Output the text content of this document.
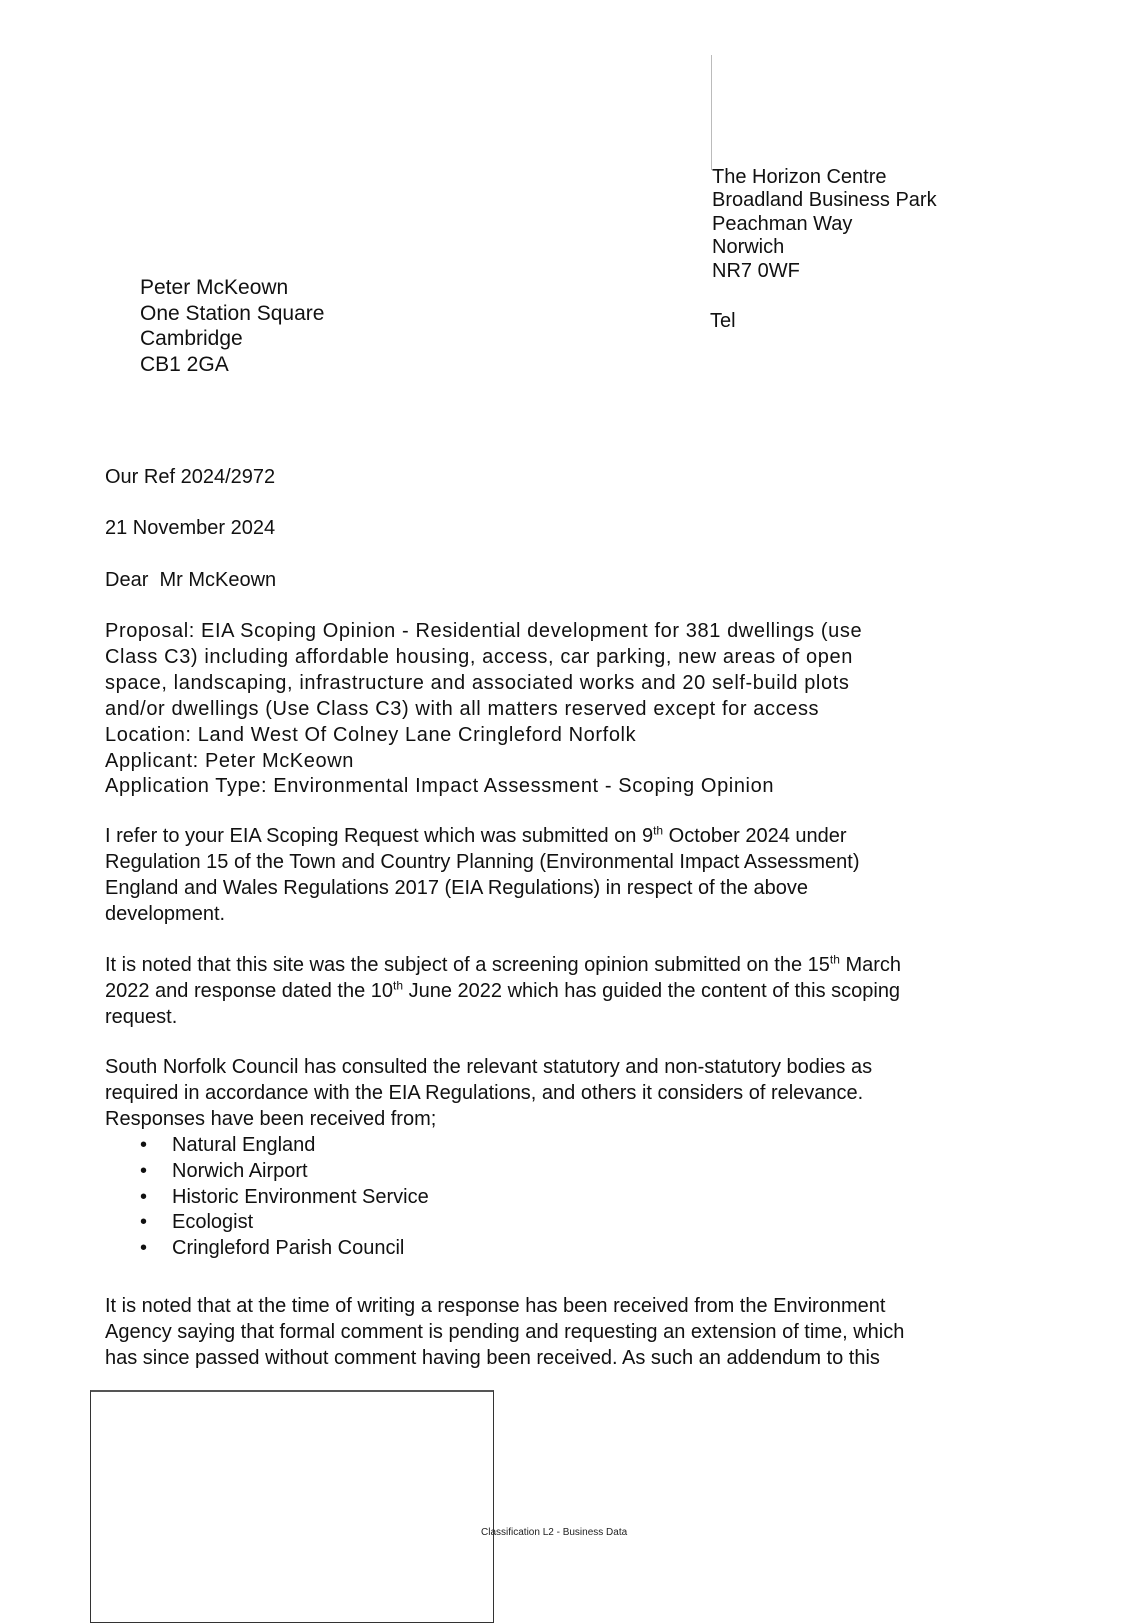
The Horizon Centre
Broadland Business Park
Peachman Way
Norwich
NR7 0WF
Tel
Peter McKeown
One Station Square
Cambridge
CB1 2GA
Our Ref 2024/2972
21 November 2024
Dear  Mr McKeown
Proposal: EIA Scoping Opinion - Residential development for 381 dwellings (use
Class C3) including affordable housing, access, car parking, new areas of open
space, landscaping, infrastructure and associated works and 20 self-build plots
and/or dwellings (Use Class C3) with all matters reserved except for access
Location: Land West Of Colney Lane Cringleford Norfolk
Applicant: Peter McKeown
Application Type: Environmental Impact Assessment - Scoping Opinion
I refer to your EIA Scoping Request which was submitted on 9th October 2024 under
Regulation 15 of the Town and Country Planning (Environmental Impact Assessment)
England and Wales Regulations 2017 (EIA Regulations) in respect of the above
development.
It is noted that this site was the subject of a screening opinion submitted on the 15th March
2022 and response dated the 10th June 2022 which has guided the content of this scoping
request.
South Norfolk Council has consulted the relevant statutory and non-statutory bodies as
required in accordance with the EIA Regulations, and others it considers of relevance.
Responses have been received from;
• Natural England
• Norwich Airport
• Historic Environment Service
• Ecologist
• Cringleford Parish Council
It is noted that at the time of writing a response has been received from the Environment
Agency saying that formal comment is pending and requesting an extension of time, which
has since passed without comment having been received. As such an addendum to this
Classification L2 - Business Data
